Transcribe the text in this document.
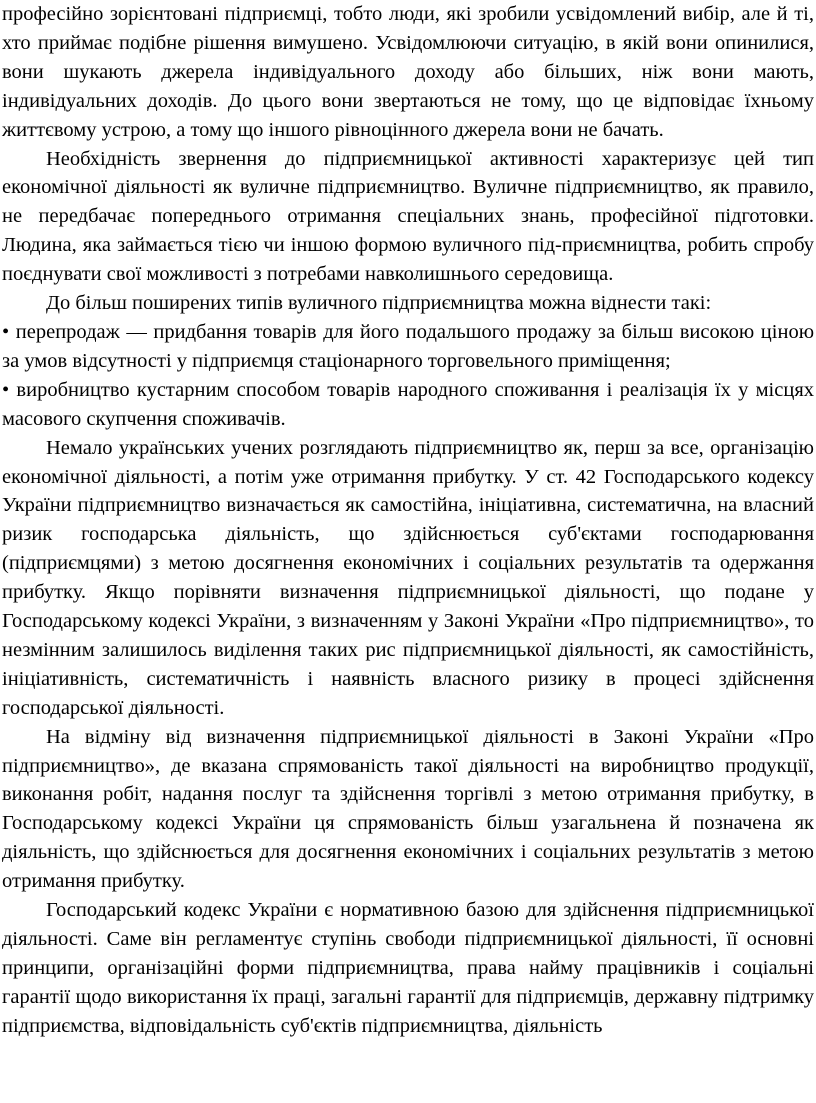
професійно зорієнтовані підприємці, тобто люди, які зробили усвідомлений вибір, але й ті, хто приймає подібне рішення вимушено. Усвідомлюючи ситуацію, в якій вони опинилися, вони шукають джерела індивідуального доходу або більших, ніж вони мають, індивідуальних доходів. До цього вони звертаються не тому, що це відповідає їхньому життєвому устрою, а тому що іншого рівноцінного джерела вони не бачать.

Необхідність звернення до підприємницької активності характеризує цей тип економічної діяльності як вуличне підприємництво. Вуличне підприємництво, як правило, не передбачає попереднього отримання спеціальних знань, професійної підготовки. Людина, яка займається тією чи іншою формою вуличного під-приємництва, робить спробу поєднувати свої можливості з потребами навколишнього середовища.

До більш поширених типів вуличного підприємництва можна віднести такі:

• перепродаж — придбання товарів для його подальшого продажу за більш високою ціною за умов відсутності у підприємця стаціонарного торговельного приміщення;
• виробництво кустарним способом товарів народного споживання і реалізація їх у місцях масового скупчення споживачів.

Немало українських учених розглядають підприємництво як, перш за все, організацію економічної діяльності, а потім уже отримання прибутку. У ст. 42 Господарського кодексу України підприємництво визначається як самостійна, ініціативна, систематична, на власний ризик господарська діяльність, що здійснюється суб'єктами господарювання (підприємцями) з метою досягнення економічних і соціальних результатів та одержання прибутку. Якщо порівняти визначення підприємницької діяльності, що подане у Господарському кодексі України, з визначенням у Законі України «Про підприємництво», то незмінним залишилось виділення таких рис підприємницької діяльності, як самостійність, ініціативність, систематичність і наявність власного ризику в процесі здійснення господарської діяльності.

На відміну від визначення підприємницької діяльності в Законі України «Про підприємництво», де вказана спрямованість такої діяльності на виробництво продукції, виконання робіт, надання послуг та здійснення торгівлі з метою отримання прибутку, в Господарському кодексі України ця спрямованість більш узагальнена й позначена як діяльність, що здійснюється для досягнення економічних і соціальних результатів з метою отримання прибутку.

Господарський кодекс України є нормативною базою для здійснення підприємницької діяльності. Саме він регламентує ступінь свободи підприємницької діяльності, її основні принципи, організаційні форми підприємництва, права найму працівників і соціальні гарантії щодо використання їх праці, загальні гарантії для підприємців, державну підтримку підприємства, відповідальність суб'єктів підприємництва, діяльність
